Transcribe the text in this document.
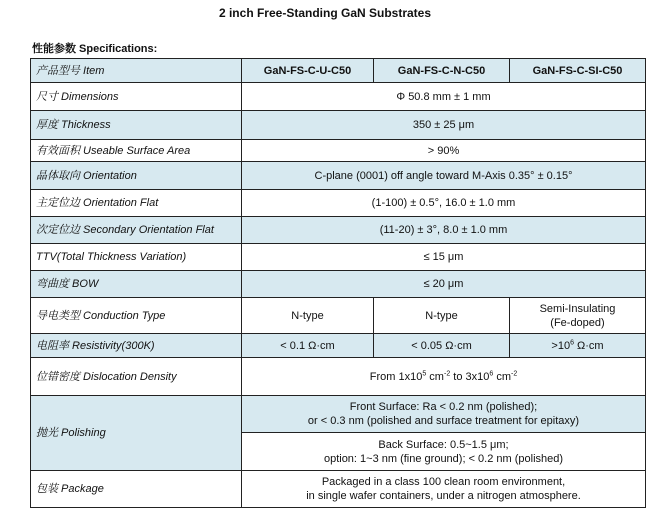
2 inch Free-Standing GaN Substrates
性能参数 Specifications:
产品型号 Item	GaN-FS-C-U-C50	GaN-FS-C-N-C50	GaN-FS-C-SI-C50
尺寸 Dimensions	Φ 50.8 mm ± 1 mm		
厚度 Thickness	350 ± 25 μm		
有效面积 Useable Surface Area	> 90%		
晶体取向 Orientation	C-plane (0001) off angle toward M-Axis 0.35° ± 0.15°		
主定位边 Orientation Flat	(1-100) ± 0.5°, 16.0 ± 1.0 mm		
次定位边 Secondary Orientation Flat	(11-20) ± 3°, 8.0 ± 1.0 mm		
TTV(Total Thickness Variation)	≤ 15 μm		
弯曲度 BOW	≤ 20 μm		
导电类型 Conduction Type	N-type	N-type	Semi-Insulating
(Fe-doped)

电阻率 Resistivity(300K)	< 0.1 Ω·cm	< 0.05 Ω·cm	$>10^6$ Ω·cm
位错密度 Dislocation Density	From $1x10^5$ $cm^{-2}$ to $3x10^6$ $cm^{-2}$
抛光 Polishing	Front Surface: Ra < 0.2 nm (polished);
or < 0.3 nm (polished and surface treatment for epitaxy)		

	Back Surface: 0.5~1.5 μm;
option: 1~3 nm (fine ground); < 0.2 nm (polished)		

包装 Package	Packaged in a class 100 clean room environment,
in single wafer containers, under a nitrogen atmosphere.		
